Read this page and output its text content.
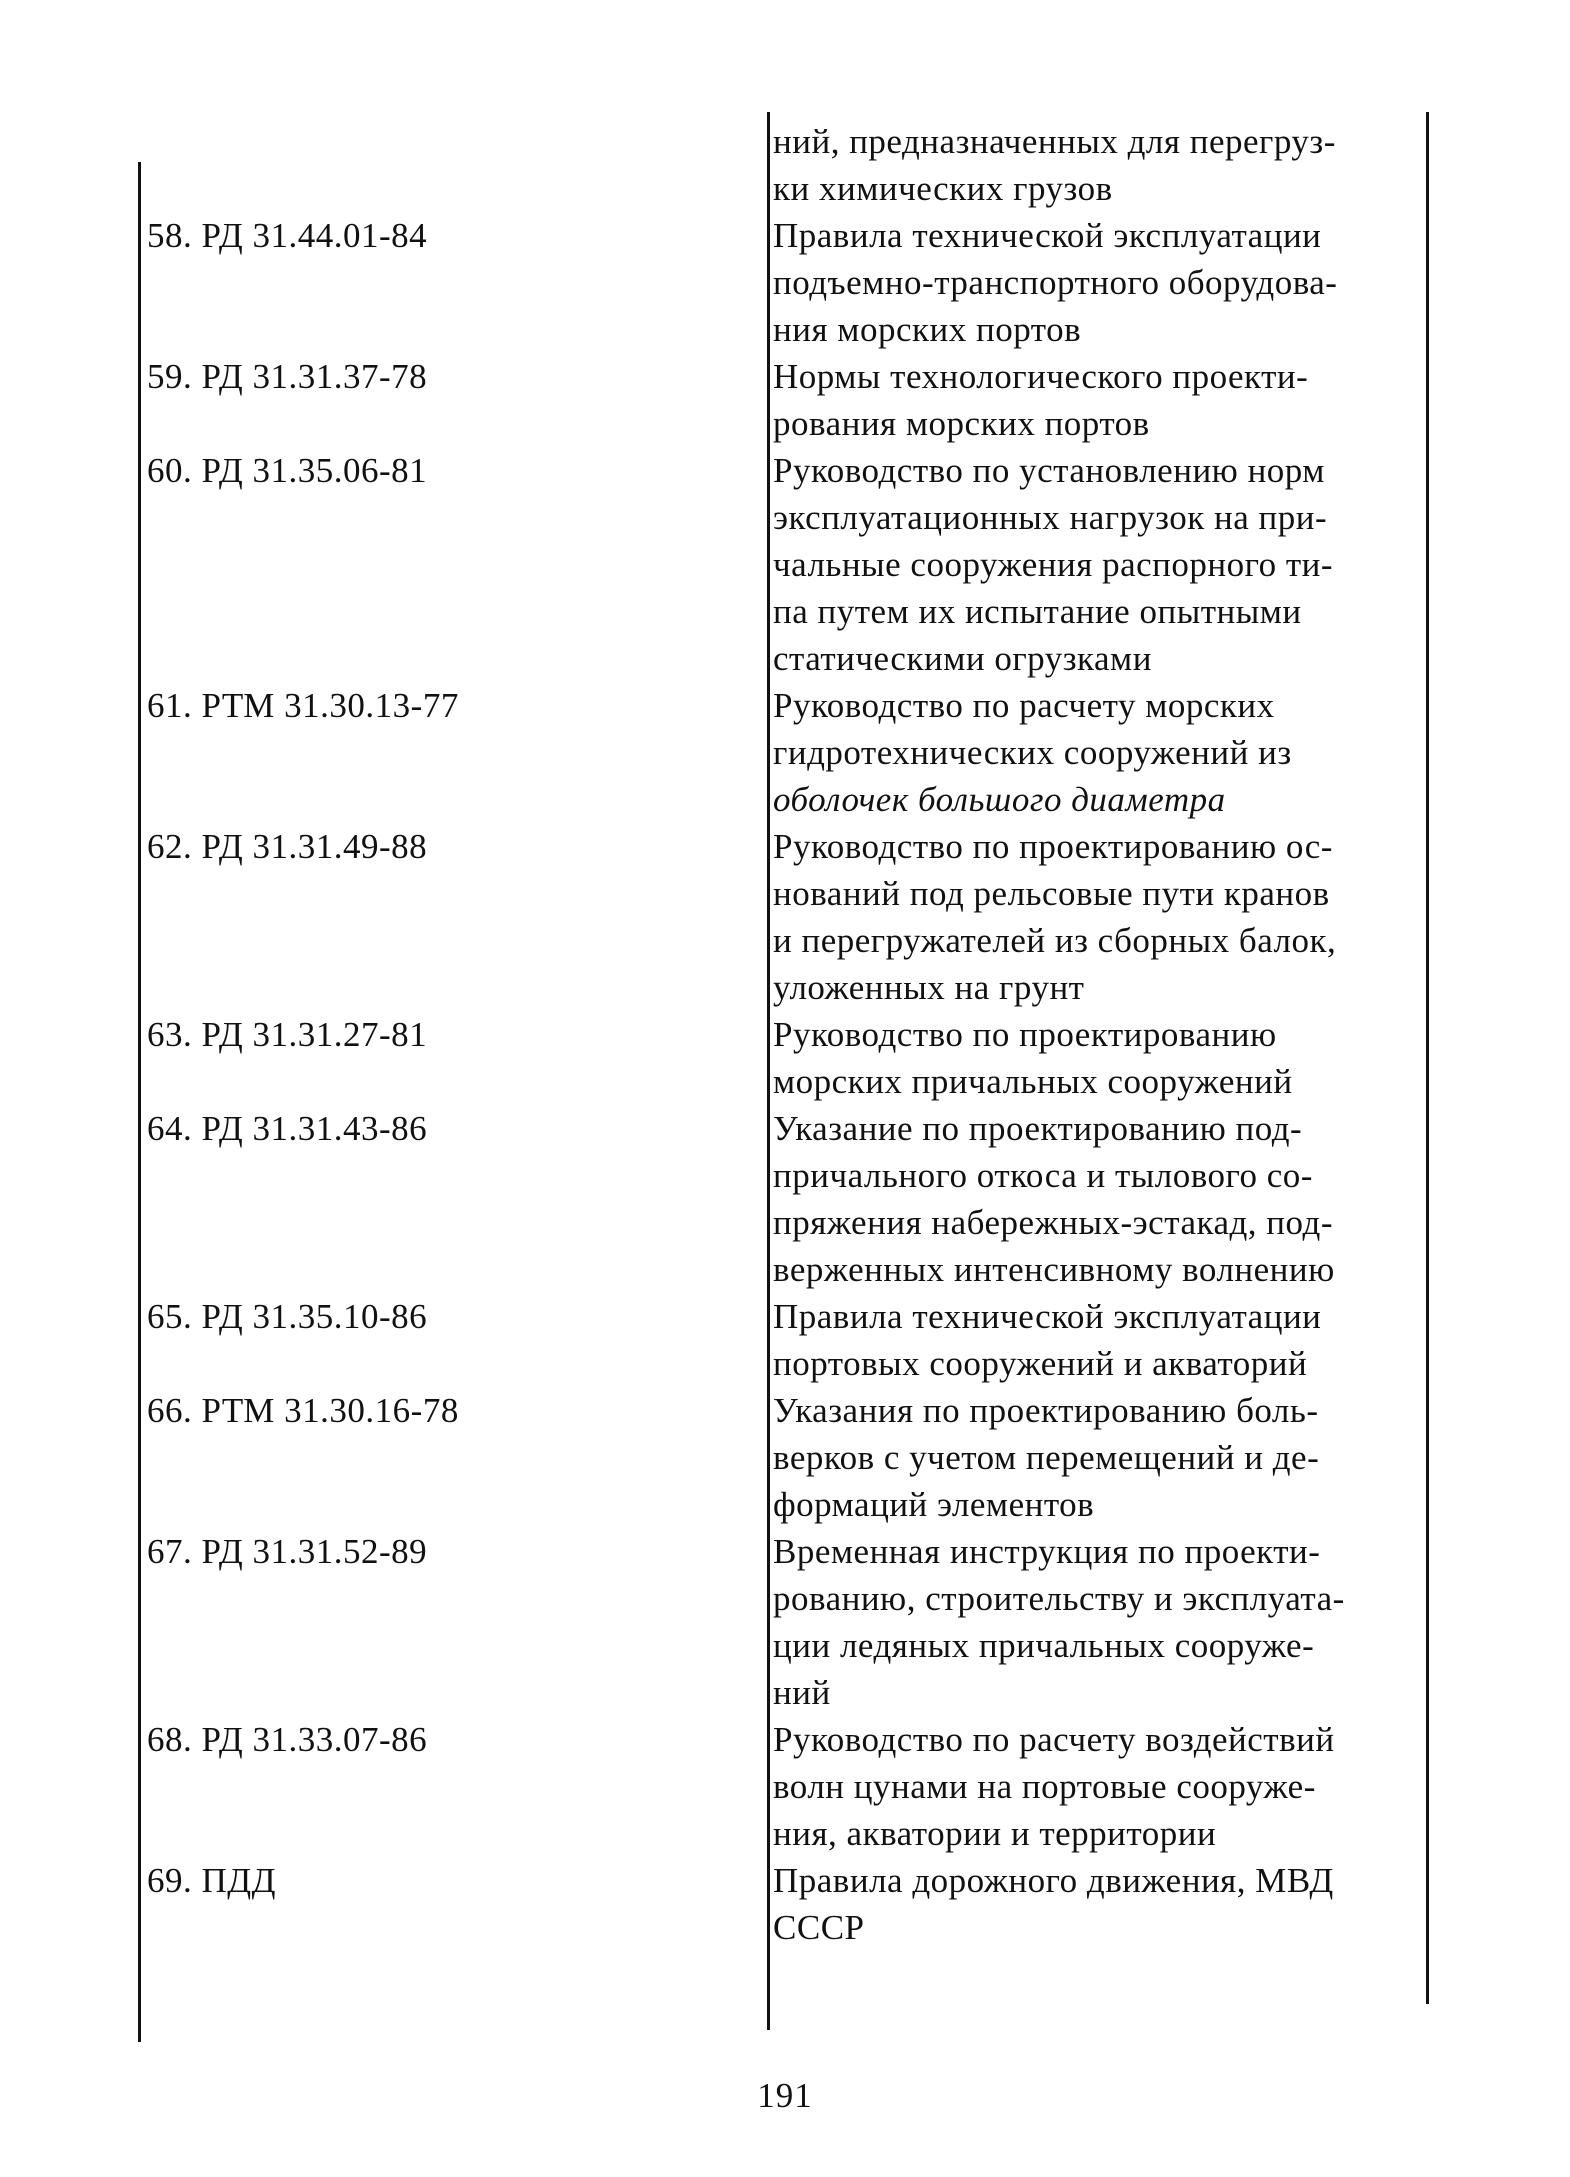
ний, предназначенных для перегруз-
ки химических грузов
58. РД 31.44.01-84	Правила технической эксплуатации
подъемно-транспортного оборудова-
ния морских портов
59. РД 31.31.37-78	Нормы технологического проекти-
рования морских портов
60. РД 31.35.06-81	Руководство по установлению норм
эксплуатационных нагрузок на при-
чальные сооружения распорного ти-
па путем их испытание опытными
статическими огрузками
61. РТМ 31.30.13-77	Руководство по расчету морских
гидротехнических сооружений из
оболочек большого диаметра
62. РД 31.31.49-88	Руководство по проектированию ос-
нований под рельсовые пути кранов
и перегружателей из сборных балок,
уложенных на грунт
63. РД 31.31.27-81	Руководство по проектированию
морских причальных сооружений
64. РД 31.31.43-86	Указание по проектированию под-
причального откоса и тылового со-
пряжения набережных-эстакад, под-
верженных интенсивному волнению
65. РД 31.35.10-86	Правила технической эксплуатации
портовых сооружений и акваторий
66. РТМ 31.30.16-78	Указания по проектированию боль-
верков с учетом перемещений и де-
формаций элементов
67. РД 31.31.52-89	Временная инструкция по проекти-
рованию, строительству и эксплуата-
ции ледяных причальных сооруже-
ний
68. РД 31.33.07-86	Руководство по расчету воздействий
волн цунами на портовые сооруже-
ния, акватории и территории
69. ПДД	Правила дорожного движения, МВД
СССР
191
